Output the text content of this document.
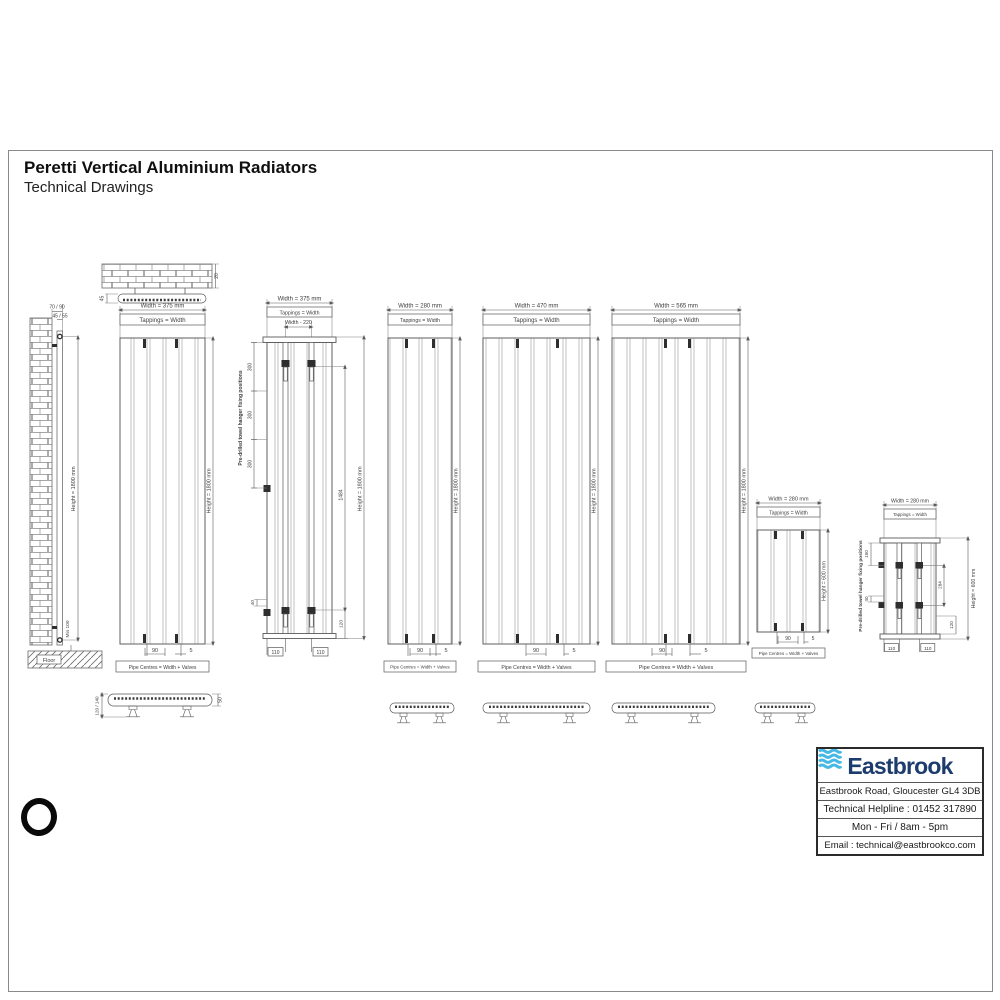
Peretti Vertical Aluminium Radiators

Technical Drawings

Floor
70 / 90
45 / 55
Height = 1800 mm
Min 100
20
45
120 / 140	50
Width = 375 mm
Tappings = Width
Height = 1800 mm
90	5
Pipe Centres = Width + Valves
Width = 375 mm
Tappings = Width
Width - 220
300
300
300
Pre-drilled towel hanger fixing positions
40
1484
120
Height = 1800 mm
110	110
Width = 280 mm
Tappings = Width
Height = 1800 mm
90	5
Pipe Centres = Width + Valves
Width = 470 mm
Tappings = Width
Height = 1800 mm
90	5
Pipe Centres = Width + Valves
Width = 565 mm
Tappings = Width
Height = 1800 mm
90	5
Pipe Centres = Width + Valves
Width = 280 mm
Tappings = Width
Height = 600 mm
90	5
Pipe Centres = Width + Valves
Width = 280 mm
Tappings = Width
Pre-drilled towel hanger fixing positions 150
40
284
120
Height = 600 mm
110	110
Eastbrook
Eastbrook Road, Gloucester GL4 3DB
Technical Helpline : 01452 317890
Mon - Fri / 8am - 5pm
Email : technical@eastbrookco.com
